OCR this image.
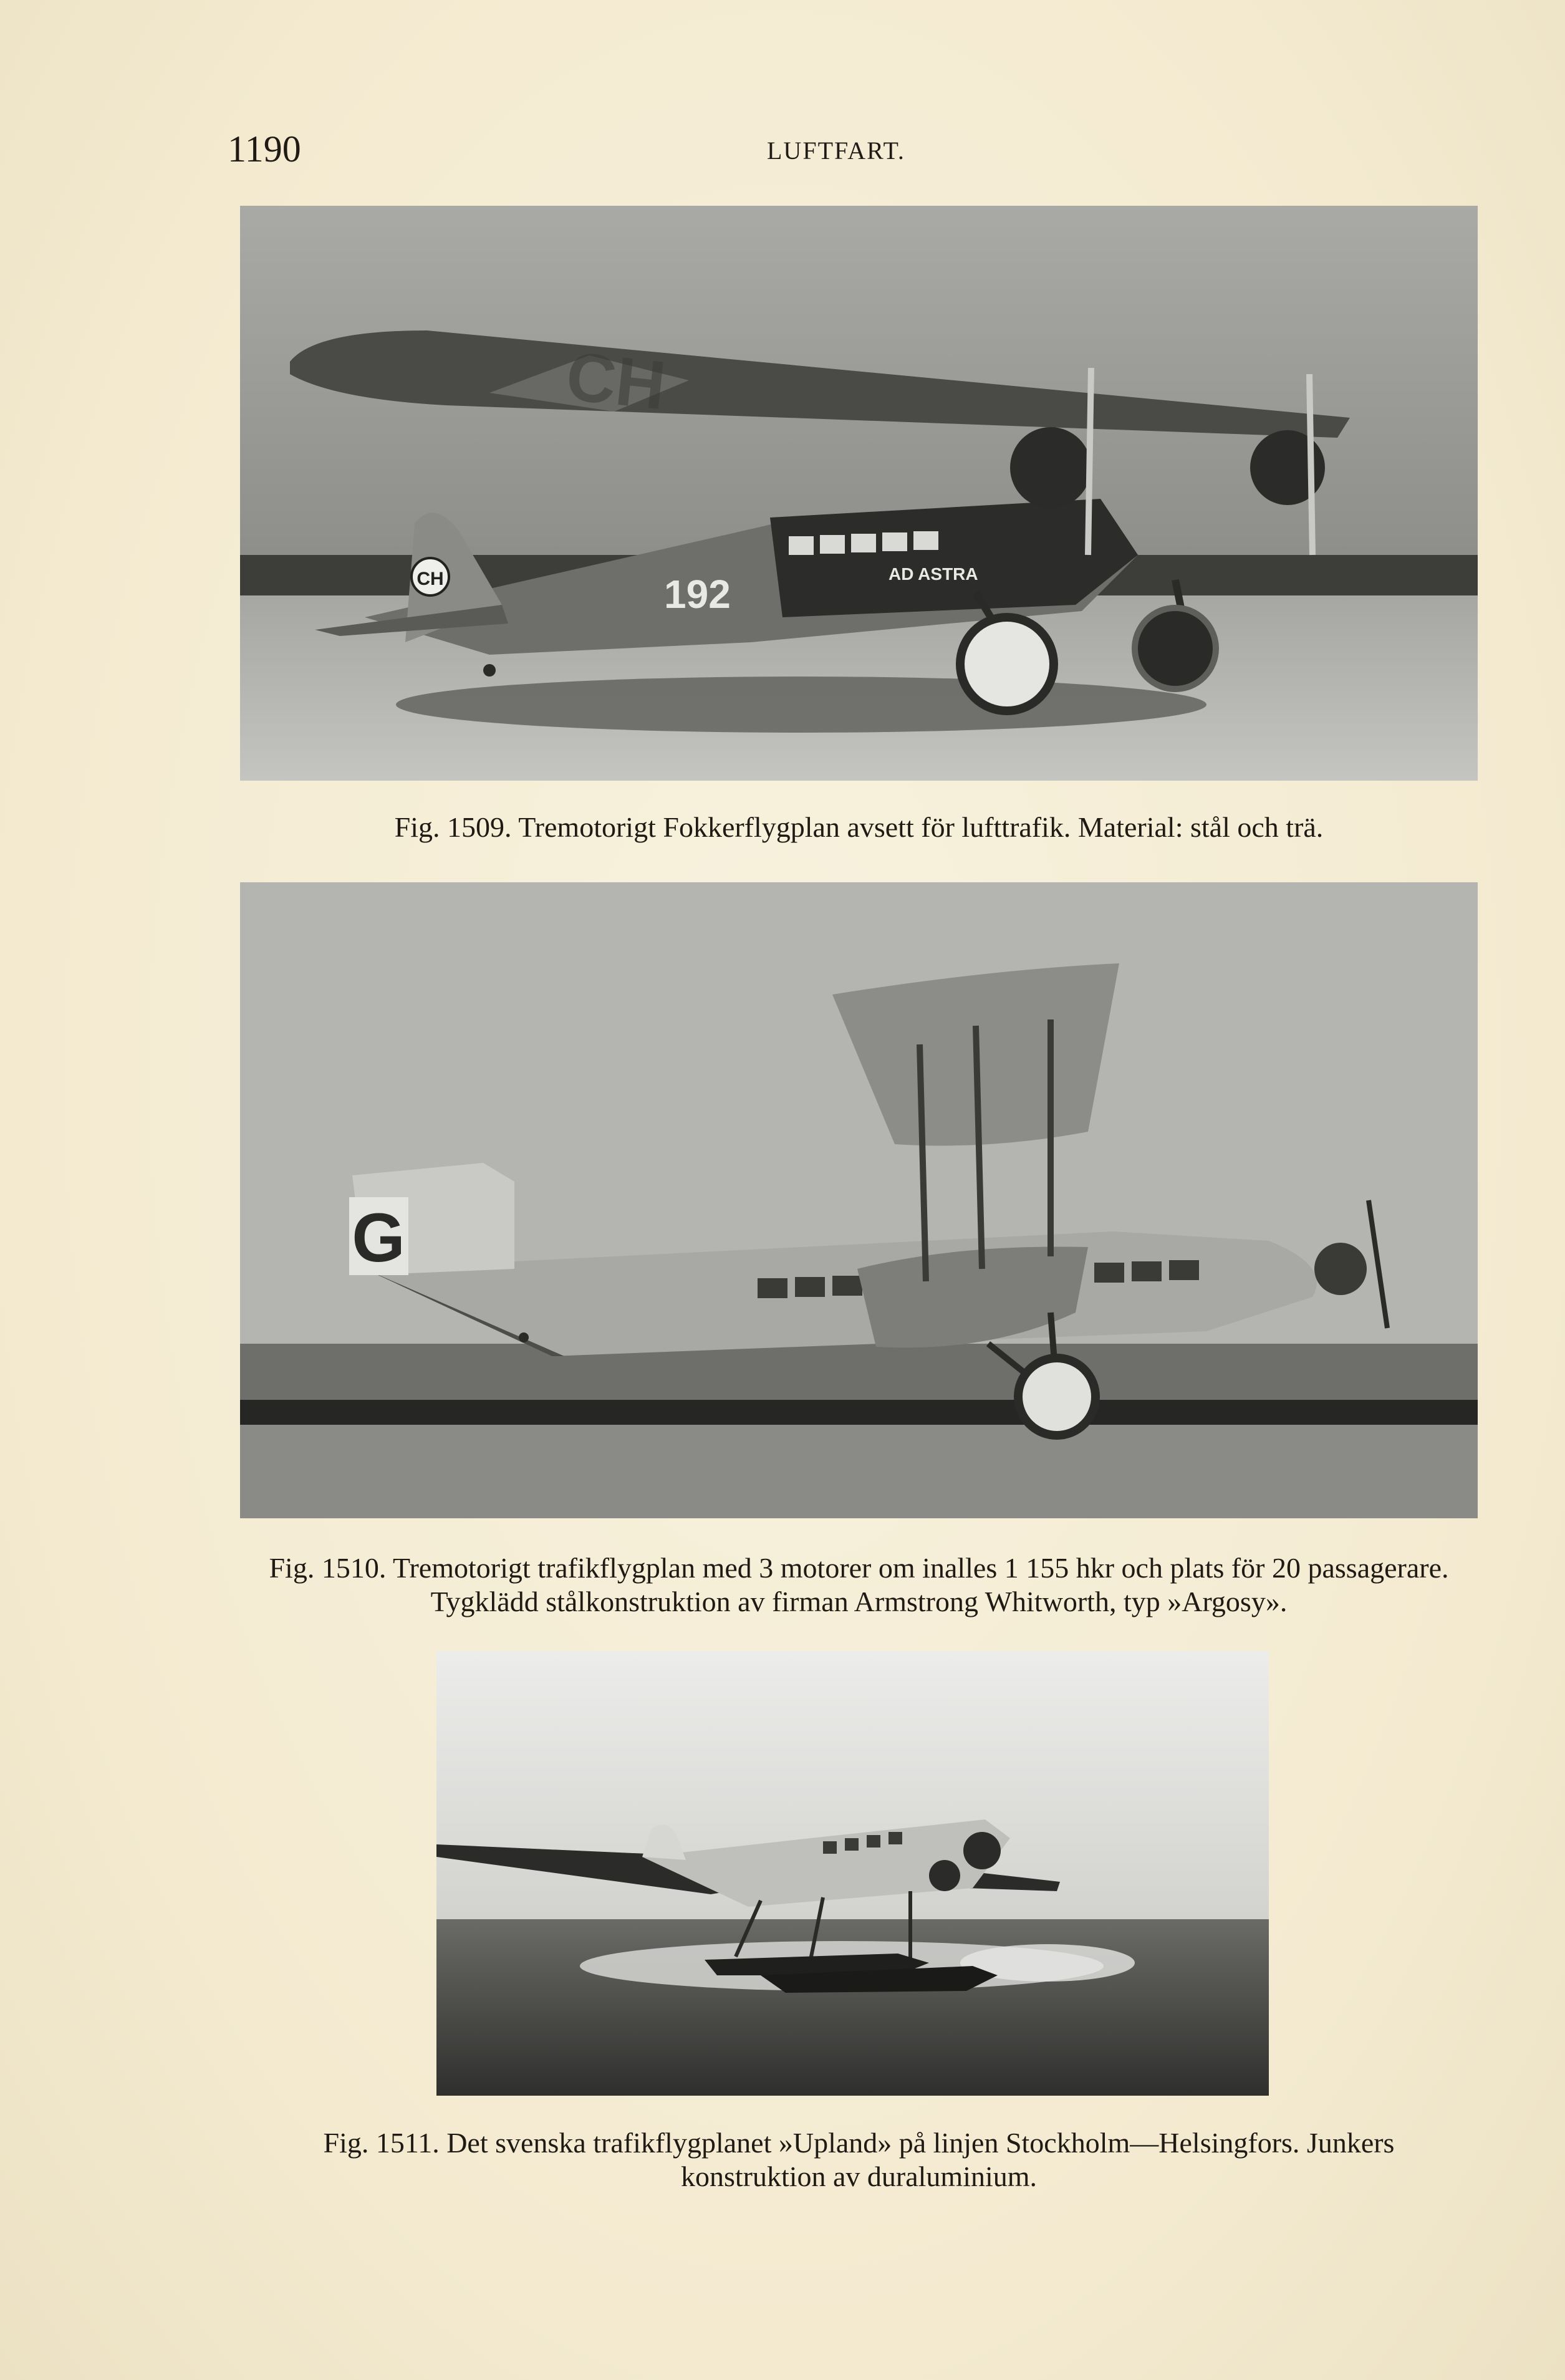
1190	LUFTFART.
CH	192	AD ASTRA
CH
Fig. 1509. Tremotorigt Fokkerflygplan avsett för lufttrafik. Material: stål och trä.
G
Fig. 1510. Tremotorigt trafikflygplan med 3 motorer om inalles 1 155 hkr och plats för 20 passagerare.
Tygklädd stålkonstruktion av firman Armstrong Whitworth, typ »Argosy».
Fig. 1511. Det svenska trafikflygplanet »Upland» på linjen Stockholm—Helsingfors. Junkers
konstruktion av duraluminium.
